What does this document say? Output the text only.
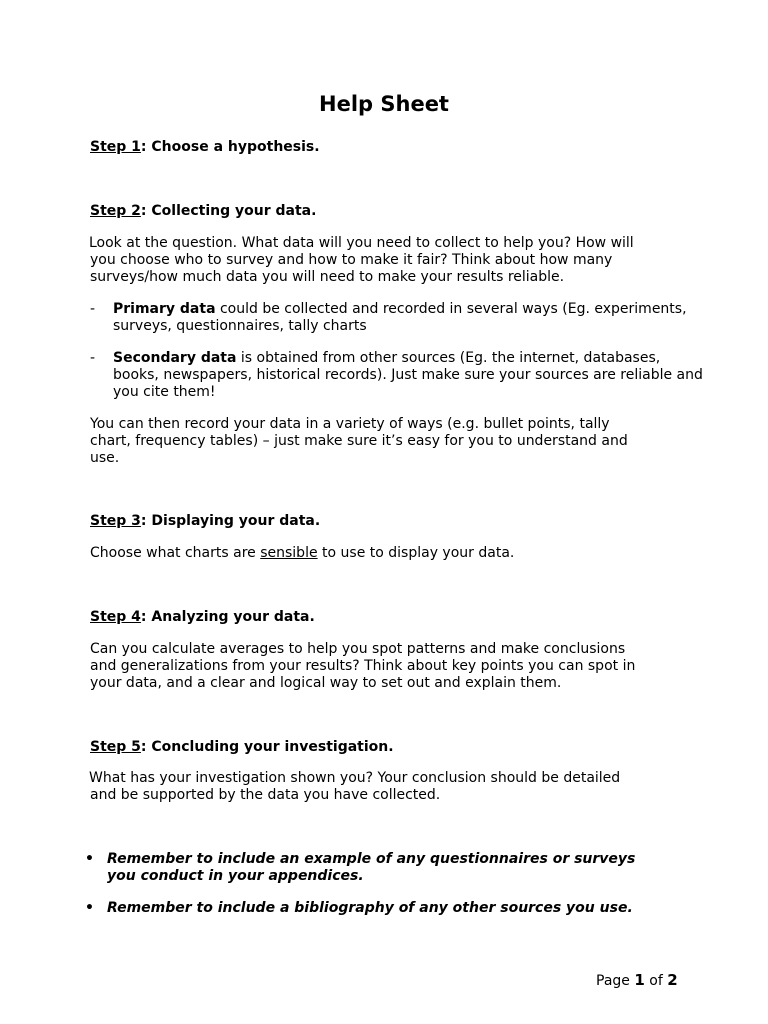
Help Sheet

Step 1: Choose a hypothesis.

Step 2: Collecting your data.

Look at the question. What data will you need to collect to help you? How will
you choose who to survey and how to make it fair? Think about how many
surveys/how much data you will need to make your results reliable.
- Primary data could be collected and recorded in several ways (Eg. experiments, surveys, questionnaires, tally charts
- Secondary data is obtained from other sources (Eg. the internet, databases, books, newspapers, historical records). Just make sure your sources are reliable and you cite them!
You can then record your data in a variety of ways (e.g. bullet points, tally
chart, frequency tables) – just make sure it’s easy for you to understand and
use.

Step 3: Displaying your data.

Choose what charts are sensible to use to display your data.

Step 4: Analyzing your data.

Can you calculate averages to help you spot patterns and make conclusions
and generalizations from your results? Think about key points you can spot in
your data, and a clear and logical way to set out and explain them.

Step 5: Concluding your investigation.

What has your investigation shown you? Your conclusion should be detailed
and be supported by the data you have collected.
• Remember to include an example of any questionnaires or surveys you conduct in your appendices.
• Remember to include a bibliography of any other sources you use.
Page 1 of 2
